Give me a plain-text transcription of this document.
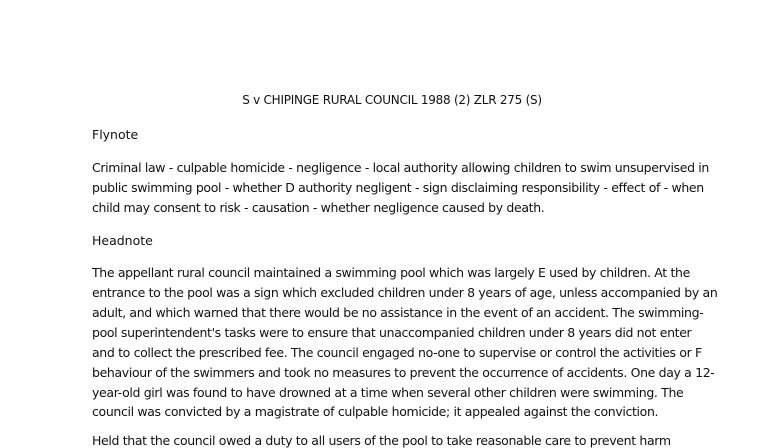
S v CHIPINGE RURAL COUNCIL 1988 (2) ZLR 275 (S)

Flynote

Criminal law - culpable homicide - negligence - local authority allowing children to swim unsupervised in

public swimming pool - whether D authority negligent - sign disclaiming responsibility - effect of - when

child may consent to risk - causation - whether negligence caused by death.

Headnote

The appellant rural council maintained a swimming pool which was largely E used by children. At the

entrance to the pool was a sign which excluded children under 8 years of age, unless accompanied by an

adult, and which warned that there would be no assistance in the event of an accident. The swimming-

pool superintendent's tasks were to ensure that unaccompanied children under 8 years did not enter

and to collect the prescribed fee. The council engaged no-one to supervise or control the activities or F

behaviour of the swimmers and took no measures to prevent the occurrence of accidents. One day a 12-

year-old girl was found to have drowned at a time when several other children were swimming. The

council was convicted by a magistrate of culpable homicide; it appealed against the conviction.

Held that the council owed a duty to all users of the pool to take reasonable care to prevent harm
